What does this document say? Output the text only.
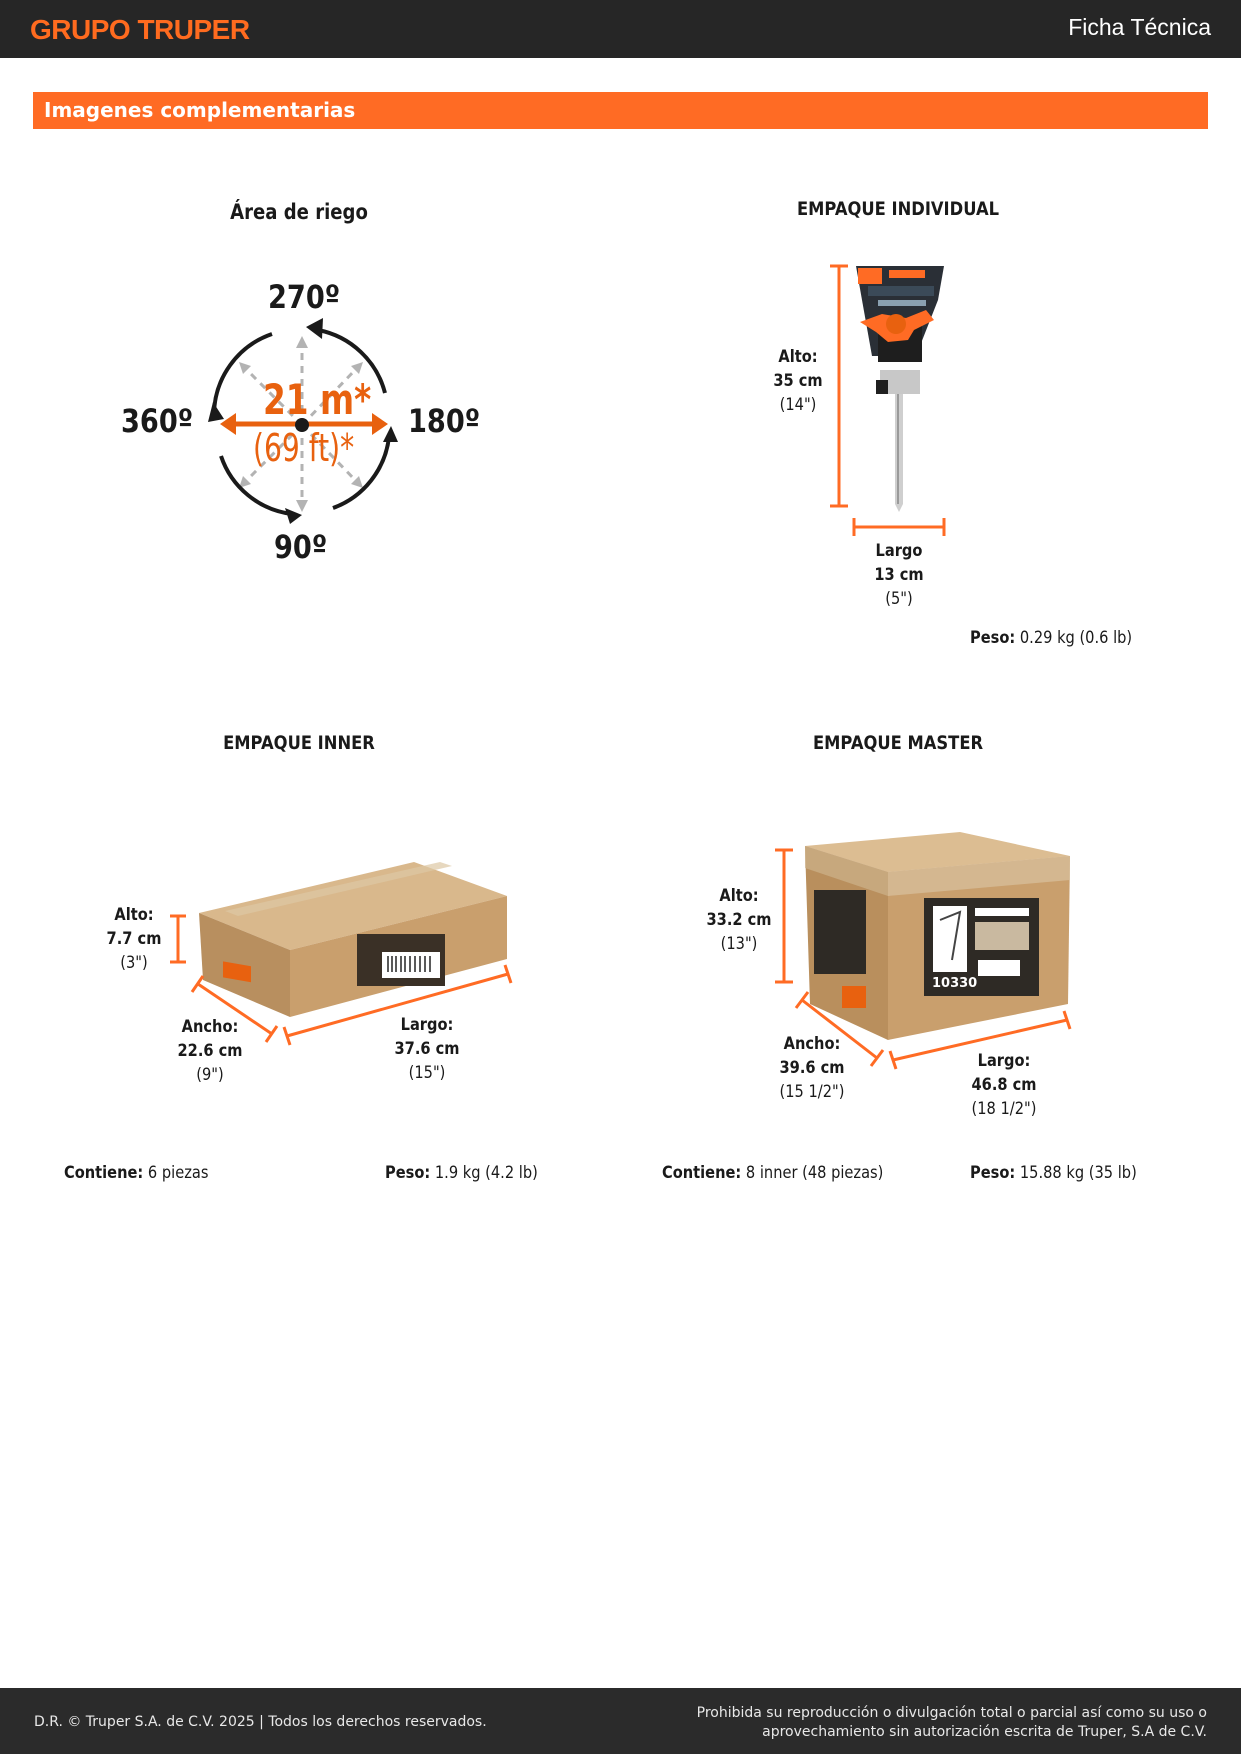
GRUPO TRUPER	Ficha Técnica
Imagenes complementarias
Área de riego
270º
360º	180º
90º
21 m*
(69 ft)*
EMPAQUE INDIVIDUAL
Alto:
35 cm
(14")
Largo
13 cm
(5")
Peso: 0.29 kg (0.6 lb)
EMPAQUE INNER
Alto:
7.7 cm
(3")
Ancho:
22.6 cm
(9")
Largo:
37.6 cm
(15")
Contiene: 6 piezas	Peso: 1.9 kg (4.2 lb)
EMPAQUE MASTER
10330
Alto:
33.2 cm
(13")
Ancho:
39.6 cm
(15 1/2")
Largo:
46.8 cm
(18 1/2")
Contiene: 8 inner (48 piezas)	Peso: 15.88 kg (35 lb)
D.R. © Truper S.A. de C.V. 2025 | Todos los derechos reservados.
Prohibida su reproducción o divulgación total o parcial así como su uso o
aprovechamiento sin autorización escrita de Truper, S.A de C.V.
